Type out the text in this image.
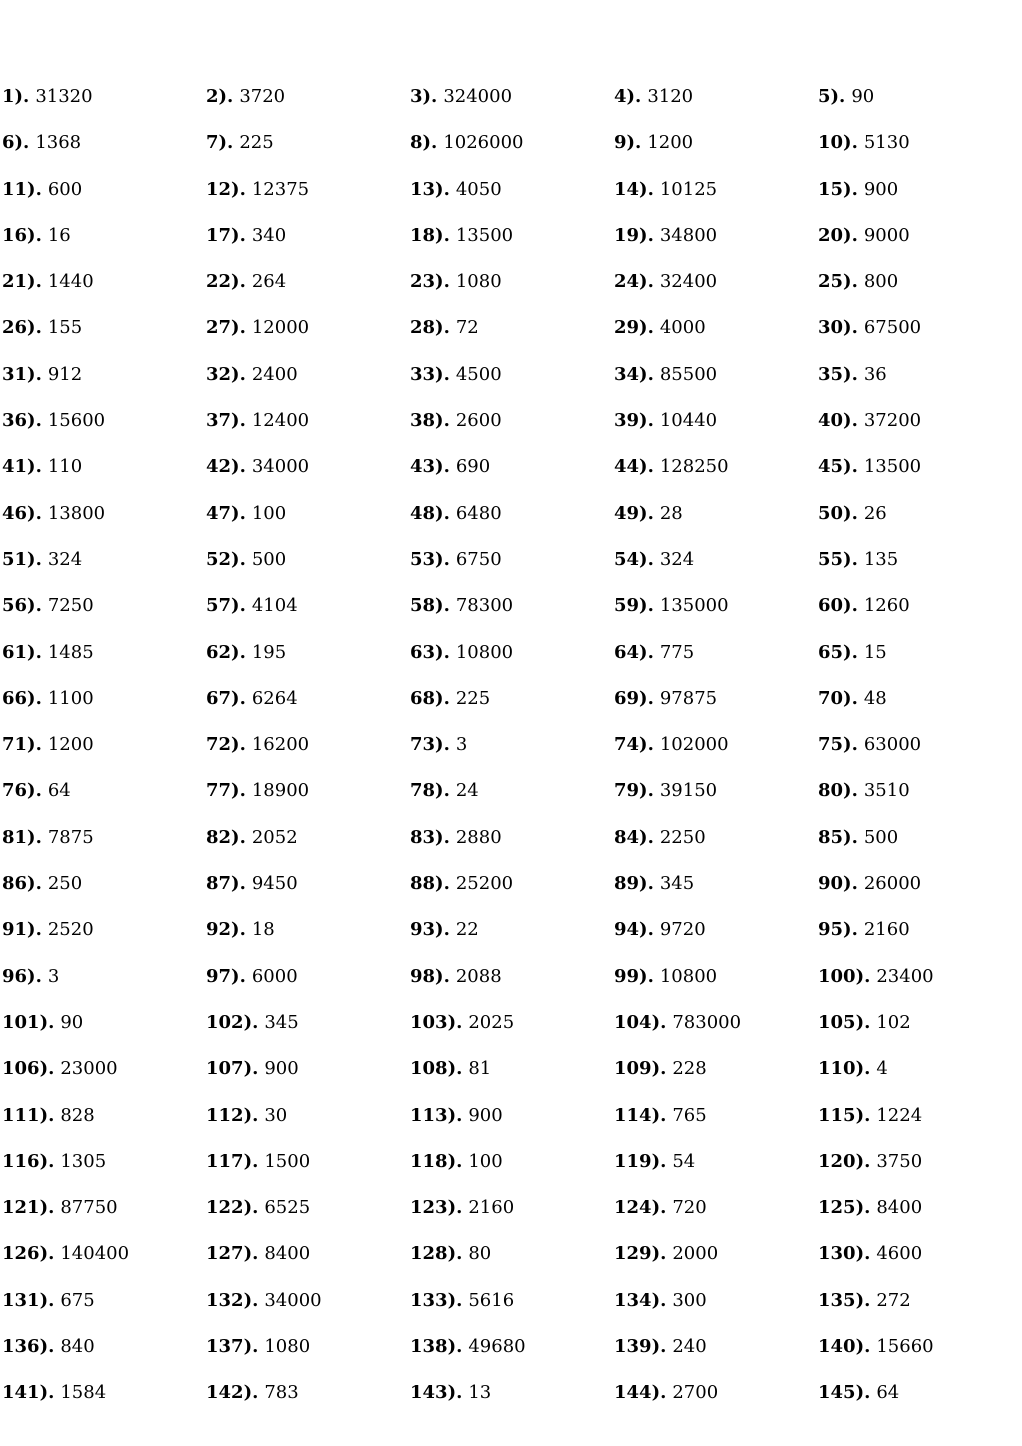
1). 31320	2). 3720	3). 324000	4). 3120	5). 90
6). 1368	7). 225	8). 1026000	9). 1200	10). 5130
11). 600	12). 12375	13). 4050	14). 10125	15). 900
16). 16	17). 340	18). 13500	19). 34800	20). 9000
21). 1440	22). 264	23). 1080	24). 32400	25). 800
26). 155	27). 12000	28). 72	29). 4000	30). 67500
31). 912	32). 2400	33). 4500	34). 85500	35). 36
36). 15600	37). 12400	38). 2600	39). 10440	40). 37200
41). 110	42). 34000	43). 690	44). 128250	45). 13500
46). 13800	47). 100	48). 6480	49). 28	50). 26
51). 324	52). 500	53). 6750	54). 324	55). 135
56). 7250	57). 4104	58). 78300	59). 135000	60). 1260
61). 1485	62). 195	63). 10800	64). 775	65). 15
66). 1100	67). 6264	68). 225	69). 97875	70). 48
71). 1200	72). 16200	73). 3	74). 102000	75). 63000
76). 64	77). 18900	78). 24	79). 39150	80). 3510
81). 7875	82). 2052	83). 2880	84). 2250	85). 500
86). 250	87). 9450	88). 25200	89). 345	90). 26000
91). 2520	92). 18	93). 22	94). 9720	95). 2160
96). 3	97). 6000	98). 2088	99). 10800	100). 23400
101). 90	102). 345	103). 2025	104). 783000	105). 102
106). 23000	107). 900	108). 81	109). 228	110). 4
111). 828	112). 30	113). 900	114). 765	115). 1224
116). 1305	117). 1500	118). 100	119). 54	120). 3750
121). 87750	122). 6525	123). 2160	124). 720	125). 8400
126). 140400	127). 8400	128). 80	129). 2000	130). 4600
131). 675	132). 34000	133). 5616	134). 300	135). 272
136). 840	137). 1080	138). 49680	139). 240	140). 15660
141). 1584	142). 783	143). 13	144). 2700	145). 64
